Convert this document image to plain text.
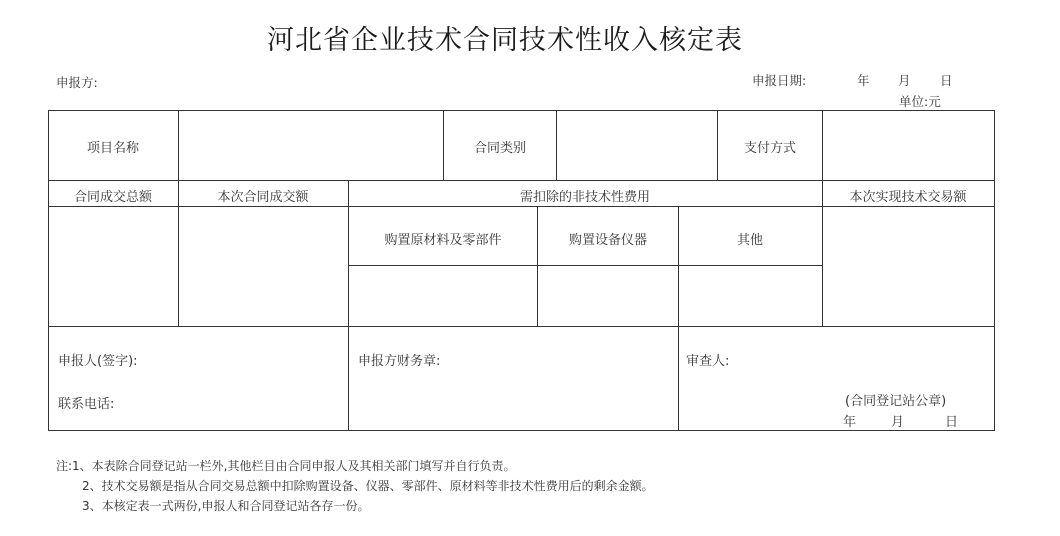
河北省企业技术合同技术性收入核定表
申报方:	申报日期:	年 月 日
单位:元
项目名称	合同类别	支付方式
合同成交总额	本次合同成交额	需扣除的非技术性费用	本次实现技术交易额
购置原材料及零部件	购置设备仪器	其他
申报人(签字):
联系电话:
申报方财务章:	审查人:
(合同登记站公章)
年	月	日
注:1、本表除合同登记站一栏外,其他栏目由合同申报人及其相关部门填写并自行负责。
2、技术交易额是指从合同交易总额中扣除购置设备、仪器、零部件、原材料等非技术性费用后的剩余金额。
3、本核定表一式两份,申报人和合同登记站各存一份。
